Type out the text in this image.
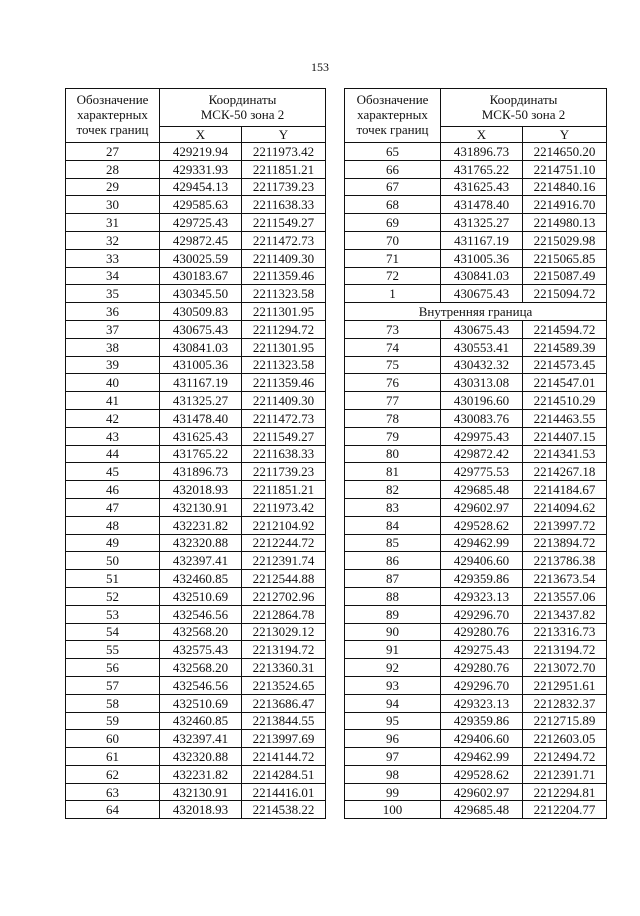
153
Обозначение
характерных
точек границ	Координаты
МСК-50 зона 2	

	X	Y
27	429219.94	2211973.42
28	429331.93	2211851.21
29	429454.13	2211739.23
30	429585.63	2211638.33
31	429725.43	2211549.27
32	429872.45	2211472.73
33	430025.59	2211409.30
34	430183.67	2211359.46
35	430345.50	2211323.58
36	430509.83	2211301.95
37	430675.43	2211294.72
38	430841.03	2211301.95
39	431005.36	2211323.58
40	431167.19	2211359.46
41	431325.27	2211409.30
42	431478.40	2211472.73
43	431625.43	2211549.27
44	431765.22	2211638.33
45	431896.73	2211739.23
46	432018.93	2211851.21
47	432130.91	2211973.42
48	432231.82	2212104.92
49	432320.88	2212244.72
50	432397.41	2212391.74
51	432460.85	2212544.88
52	432510.69	2212702.96
53	432546.56	2212864.78
54	432568.20	2213029.12
55	432575.43	2213194.72
56	432568.20	2213360.31
57	432546.56	2213524.65
58	432510.69	2213686.47
59	432460.85	2213844.55
60	432397.41	2213997.69
61	432320.88	2214144.72
62	432231.82	2214284.51
63	432130.91	2214416.01
64	432018.93	2214538.22
Обозначение
характерных
точек границ	Координаты
МСК-50 зона 2	

	X	Y
65	431896.73	2214650.20
66	431765.22	2214751.10
67	431625.43	2214840.16
68	431478.40	2214916.70
69	431325.27	2214980.13
70	431167.19	2215029.98
71	431005.36	2215065.85
72	430841.03	2215087.49
1	430675.43	2215094.72
Внутренняя граница		
73	430675.43	2214594.72
74	430553.41	2214589.39
75	430432.32	2214573.45
76	430313.08	2214547.01
77	430196.60	2214510.29
78	430083.76	2214463.55
79	429975.43	2214407.15
80	429872.42	2214341.53
81	429775.53	2214267.18
82	429685.48	2214184.67
83	429602.97	2214094.62
84	429528.62	2213997.72
85	429462.99	2213894.72
86	429406.60	2213786.38
87	429359.86	2213673.54
88	429323.13	2213557.06
89	429296.70	2213437.82
90	429280.76	2213316.73
91	429275.43	2213194.72
92	429280.76	2213072.70
93	429296.70	2212951.61
94	429323.13	2212832.37
95	429359.86	2212715.89
96	429406.60	2212603.05
97	429462.99	2212494.72
98	429528.62	2212391.71
99	429602.97	2212294.81
100	429685.48	2212204.77
